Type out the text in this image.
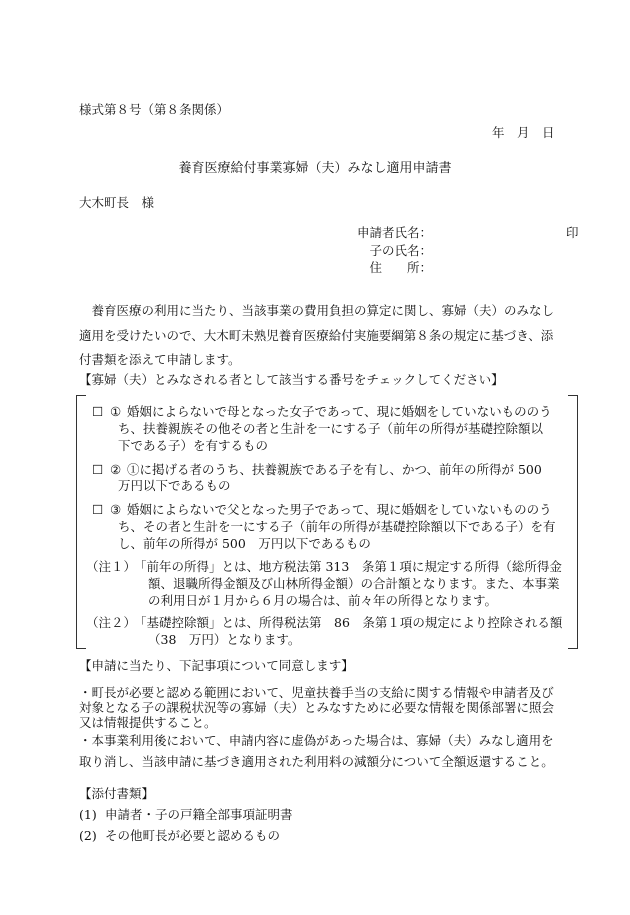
様式第８号（第８条関係）
年　月　日
養育医療給付事業寡婦（夫）みなし適用申請書
大木町長　様
申請者氏名：	印
子の氏名：
住　　所：
　養育医療の利用に当たり、当該事業の費用負担の算定に関し、寡婦（夫）のみなし
適用を受けたいので、大木町未熟児養育医療給付実施要綱第８条の規定に基づき、添
付書類を添えて申請します。
【寡婦（夫）とみなされる者として該当する番号をチェックしてください】
☐ ① 婚姻によらないで母となった女子であって、現に婚姻をしていないもののう
ち、扶養親族その他その者と生計を一にする子（前年の所得が基礎控除額以
下である子）を有するもの
☐ ② ①に掲げる者のうち、扶養親族である子を有し、かつ、前年の所得が 500
万円以下であるもの
☐ ③ 婚姻によらないで父となった男子であって、現に婚姻をしていないもののう
ち、その者と生計を一にする子（前年の所得が基礎控除額以下である子）を有
し、前年の所得が 500　万円以下であるもの
（注１）
「前年の所得」とは、地方税法第 313　条第１項に規定する所得（総所得金
額、退職所得金額及び山林所得金額）の合計額となります。また、本事業
の利用日が１月から６月の場合は、前々年の所得となります。
（注２）
「基礎控除額」とは、所得税法第　86　条第１項の規定により控除される額
（38　万円）となります。
【申請に当たり、下記事項について同意します】
・町長が必要と認める範囲において、児童扶養手当の支給に関する情報や申請者及び
対象となる子の課税状況等の寡婦（夫）とみなすために必要な情報を関係部署に照会
又は情報提供すること。
・本事業利用後において、申請内容に虚偽があった場合は、寡婦（夫）みなし適用を
取り消し、当該申請に基づき適用された利用料の減額分について全額返還すること。
【添付書類】
(1) 申請者・子の戸籍全部事項証明書
(2) その他町長が必要と認めるもの
